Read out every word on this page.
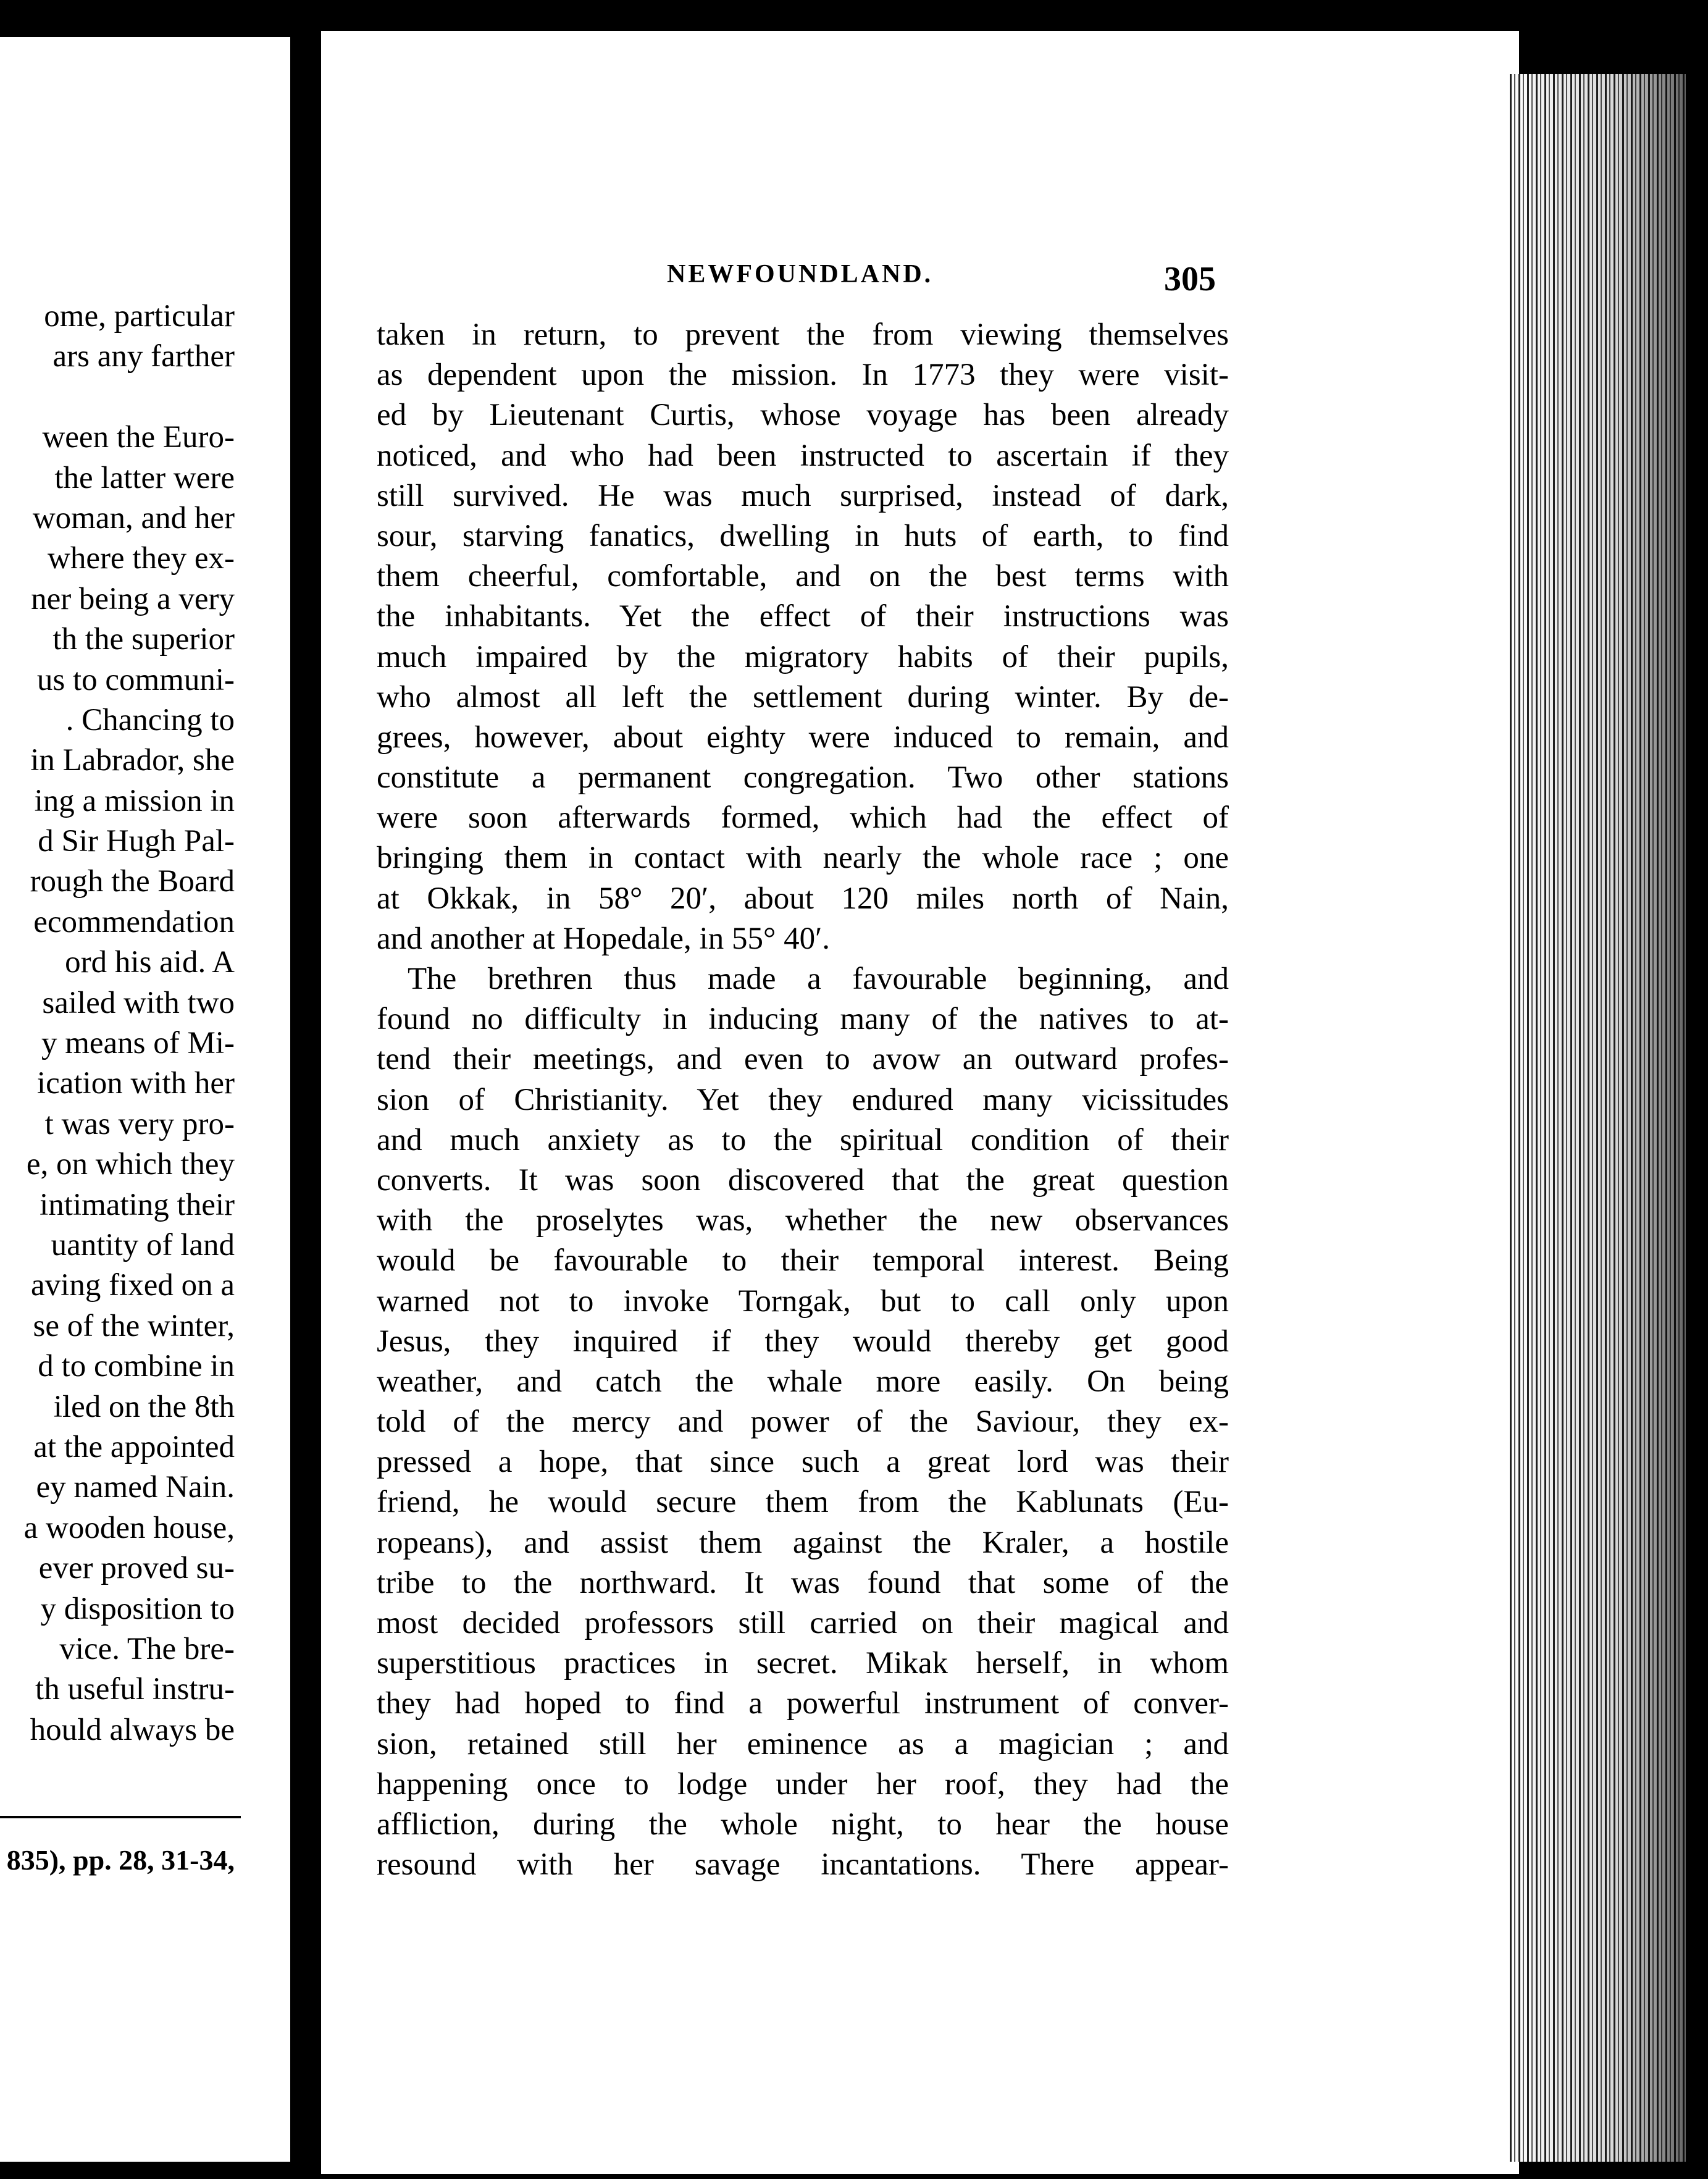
ome, particular
ars any farther
ween the Euro-
the latter were
woman, and her
where they ex-
ner being a very
th the superior
us to communi-
. Chancing to
in Labrador, she
ing a mission in
d Sir Hugh Pal-
rough the Board
ecommendation
ord his aid. A
sailed with two
y means of Mi-
ication with her
t was very pro-
e, on which they
intimating their
uantity of land
aving fixed on a
se of the winter,
d to combine in
iled on the 8th
at the appointed
ey named Nain.
a wooden house,
ever proved su-
y disposition to
vice. The bre-
th useful instru-
hould always be
835), pp. 28, 31-34,
NEWFOUNDLAND.	305
taken in return, to prevent the from viewing themselves
as dependent upon the mission. In 1773 they were visit-
ed by Lieutenant Curtis, whose voyage has been already
noticed, and who had been instructed to ascertain if they
still survived. He was much surprised, instead of dark,
sour, starving fanatics, dwelling in huts of earth, to find
them cheerful, comfortable, and on the best terms with
the inhabitants. Yet the effect of their instructions was
much impaired by the migratory habits of their pupils,
who almost all left the settlement during winter. By de-
grees, however, about eighty were induced to remain, and
constitute a permanent congregation. Two other stations
were soon afterwards formed, which had the effect of
bringing them in contact with nearly the whole race ; one
at Okkak, in 58° 20′, about 120 miles north of Nain,
and another at Hopedale, in 55° 40′.
The brethren thus made a favourable beginning, and
found no difficulty in inducing many of the natives to at-
tend their meetings, and even to avow an outward profes-
sion of Christianity. Yet they endured many vicissitudes
and much anxiety as to the spiritual condition of their
converts. It was soon discovered that the great question
with the proselytes was, whether the new observances
would be favourable to their temporal interest. Being
warned not to invoke Torngak, but to call only upon
Jesus, they inquired if they would thereby get good
weather, and catch the whale more easily. On being
told of the mercy and power of the Saviour, they ex-
pressed a hope, that since such a great lord was their
friend, he would secure them from the Kablunats (Eu-
ropeans), and assist them against the Kraler, a hostile
tribe to the northward. It was found that some of the
most decided professors still carried on their magical and
superstitious practices in secret. Mikak herself, in whom
they had hoped to find a powerful instrument of conver-
sion, retained still her eminence as a magician ; and
happening once to lodge under her roof, they had the
affliction, during the whole night, to hear the house
resound with her savage incantations. There appear-
